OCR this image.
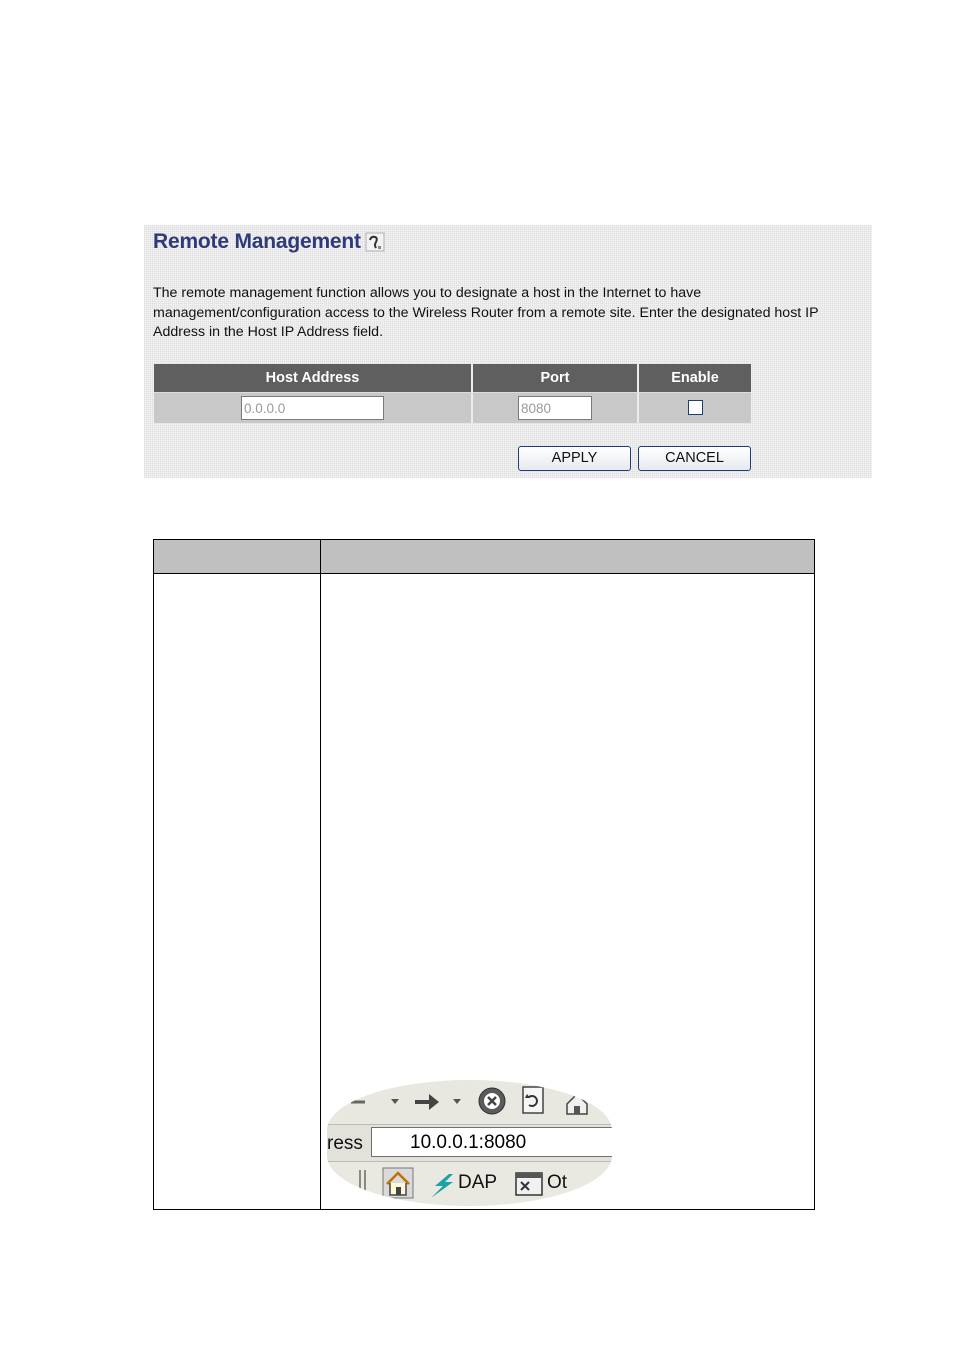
Remote Management
The remote management function allows you to designate a host in the Internet to have
management/configuration access to the Wireless Router from a remote site. Enter the designated host IP
Address in the Host IP Address field.
Host Address	Port	Enable
0.0.0.0	8080	
APPLY	CANCEL

ress 10.0.0.1:8080
DAP	Ot
